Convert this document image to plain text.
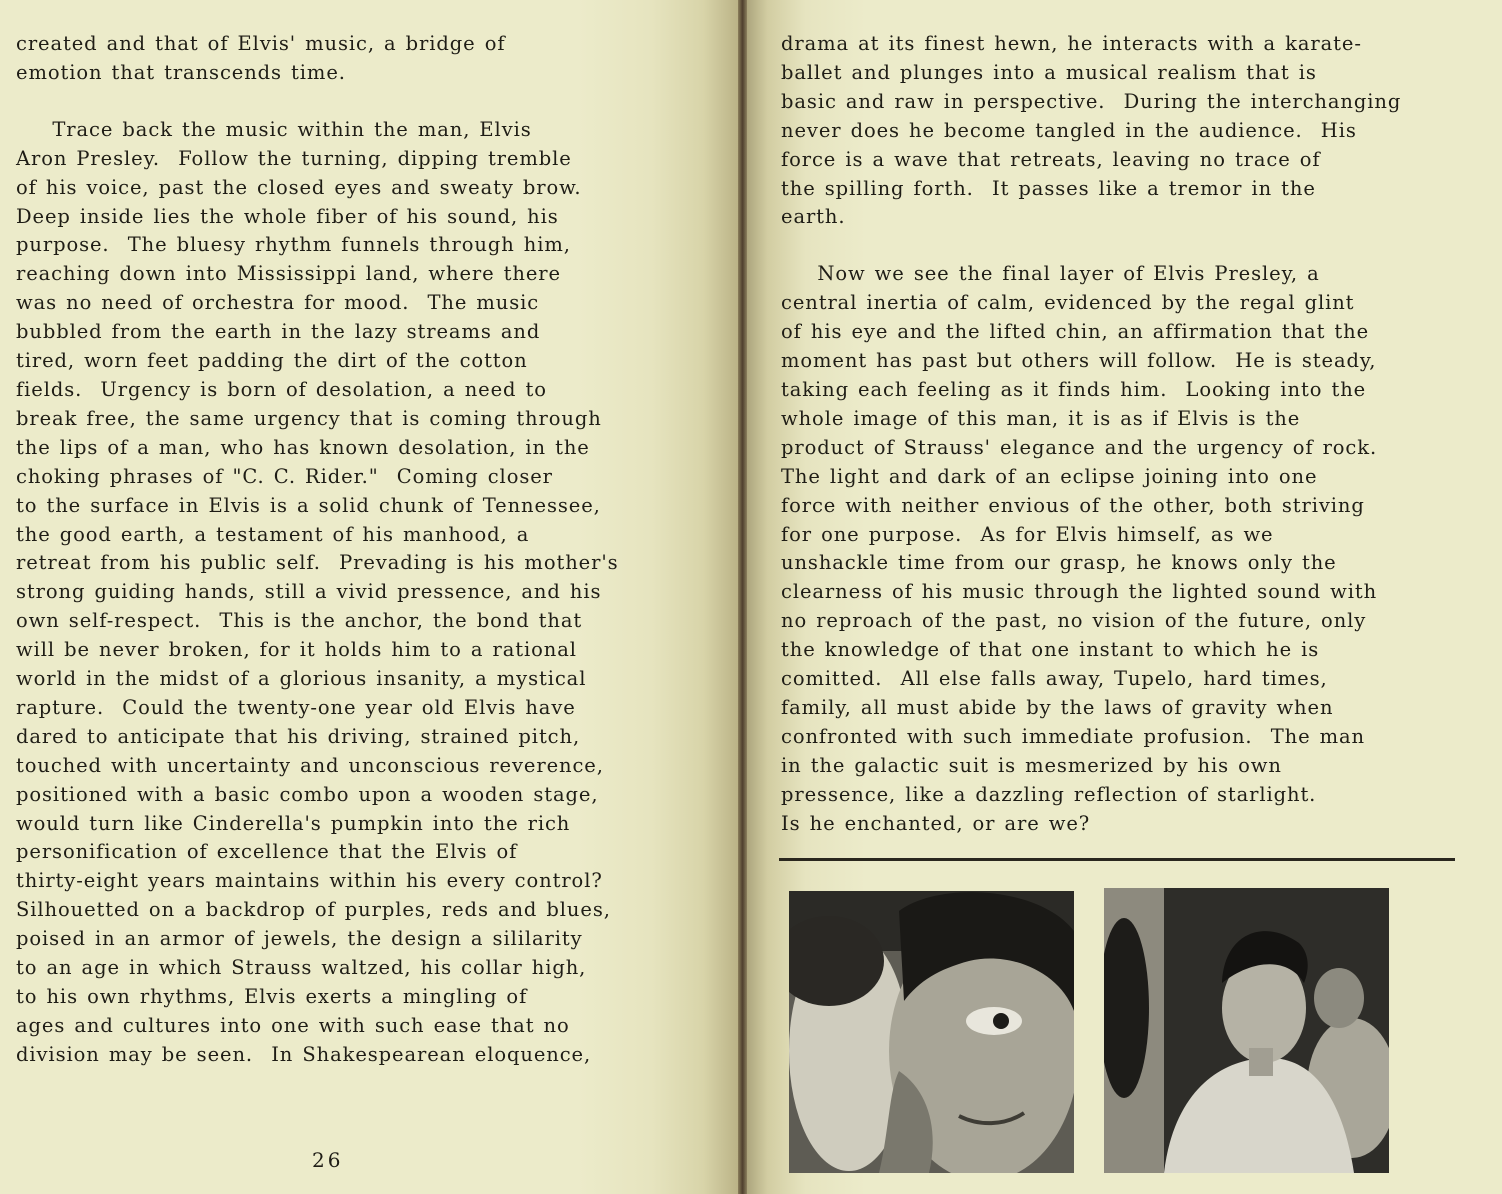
created and that of Elvis' music, a bridge of

emotion that transcends time.

Trace back the music within the man, Elvis

Aron Presley.  Follow the turning, dipping tremble

of his voice, past the closed eyes and sweaty brow.

Deep inside lies the whole fiber of his sound, his

purpose.  The bluesy rhythm funnels through him,

reaching down into Mississippi land, where there

was no need of orchestra for mood.  The music

bubbled from the earth in the lazy streams and

tired, worn feet padding the dirt of the cotton

fields.  Urgency is born of desolation, a need to

break free, the same urgency that is coming through

the lips of a man, who has known desolation, in the

choking phrases of "C. C. Rider."  Coming closer

to the surface in Elvis is a solid chunk of Tennessee,

the good earth, a testament of his manhood, a

retreat from his public self.  Prevading is his mother's

strong guiding hands, still a vivid pressence, and his

own self-respect.  This is the anchor, the bond that

will be never broken, for it holds him to a rational

world in the midst of a glorious insanity, a mystical

rapture.  Could the twenty-one year old Elvis have

dared to anticipate that his driving, strained pitch,

touched with uncertainty and unconscious reverence,

positioned with a basic combo upon a wooden stage,

would turn like Cinderella's pumpkin into the rich

personification of excellence that the Elvis of

thirty-eight years maintains within his every control?

Silhouetted on a backdrop of purples, reds and blues,

poised in an armor of jewels, the design a sililarity

to an age in which Strauss waltzed, his collar high,

to his own rhythms, Elvis exerts a mingling of

ages and cultures into one with such ease that no

division may be seen.  In Shakespearean eloquence,

26

drama at its finest hewn, he interacts with a karate-

ballet and plunges into a musical realism that is

basic and raw in perspective.  During the interchanging

never does he become tangled in the audience.  His

force is a wave that retreats, leaving no trace of

the spilling forth.  It passes like a tremor in the

earth.

Now we see the final layer of Elvis Presley, a

central inertia of calm, evidenced by the regal glint

of his eye and the lifted chin, an affirmation that the

moment has past but others will follow.  He is steady,

taking each feeling as it finds him.  Looking into the

whole image of this man, it is as if Elvis is the

product of Strauss' elegance and the urgency of rock.

The light and dark of an eclipse joining into one

force with neither envious of the other, both striving

for one purpose.  As for Elvis himself, as we

unshackle time from our grasp, he knows only the

clearness of his music through the lighted sound with

no reproach of the past, no vision of the future, only

the knowledge of that one instant to which he is

comitted.  All else falls away, Tupelo, hard times,

family, all must abide by the laws of gravity when

confronted with such immediate profusion.  The man

in the galactic suit is mesmerized by his own

pressence, like a dazzling reflection of starlight.

Is he enchanted, or are we?
